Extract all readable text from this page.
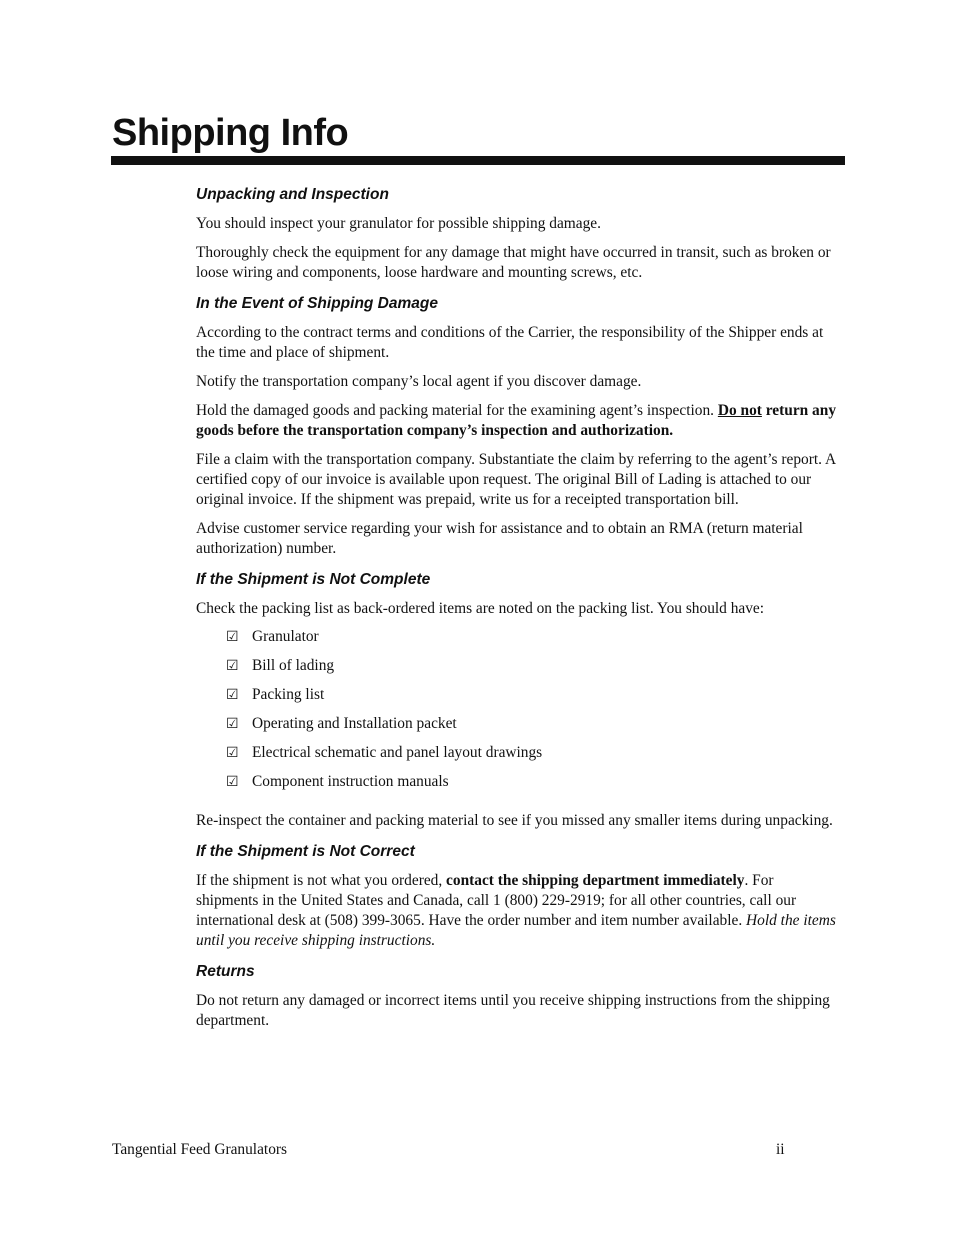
Shipping Info
Unpacking and Inspection

You should inspect your granulator for possible shipping damage.

Thoroughly check the equipment for any damage that might have occurred in transit, such as broken or loose wiring and components, loose hardware and mounting screws, etc.

In the Event of Shipping Damage

According to the contract terms and conditions of the Carrier, the responsibility of the Shipper ends at the time and place of shipment.

Notify the transportation company’s local agent if you discover damage.

Hold the damaged goods and packing material for the examining agent’s inspection. Do not return any goods before the transportation company’s inspection and authorization.

File a claim with the transportation company. Substantiate the claim by referring to the agent’s report. A certified copy of our invoice is available upon request. The original Bill of Lading is attached to our original invoice. If the shipment was prepaid, write us for a receipted transportation bill.

Advise customer service regarding your wish for assistance and to obtain an RMA (return material authorization) number.

If the Shipment is Not Complete

Check the packing list as back-ordered items are noted on the packing list. You should have:

☑ Granulator
☑ Bill of lading
☑ Packing list
☑ Operating and Installation packet
☑ Electrical schematic and panel layout drawings
☑ Component instruction manuals

Re-inspect the container and packing material to see if you missed any smaller items during unpacking.

If the Shipment is Not Correct

If the shipment is not what you ordered, contact the shipping department immediately. For shipments in the United States and Canada, call 1 (800) 229-2919; for all other countries, call our international desk at (508) 399-3065. Have the order number and item number available. Hold the items until you receive shipping instructions.

Returns

Do not return any damaged or incorrect items until you receive shipping instructions from the shipping department.

Tangential Feed Granulators	ii
